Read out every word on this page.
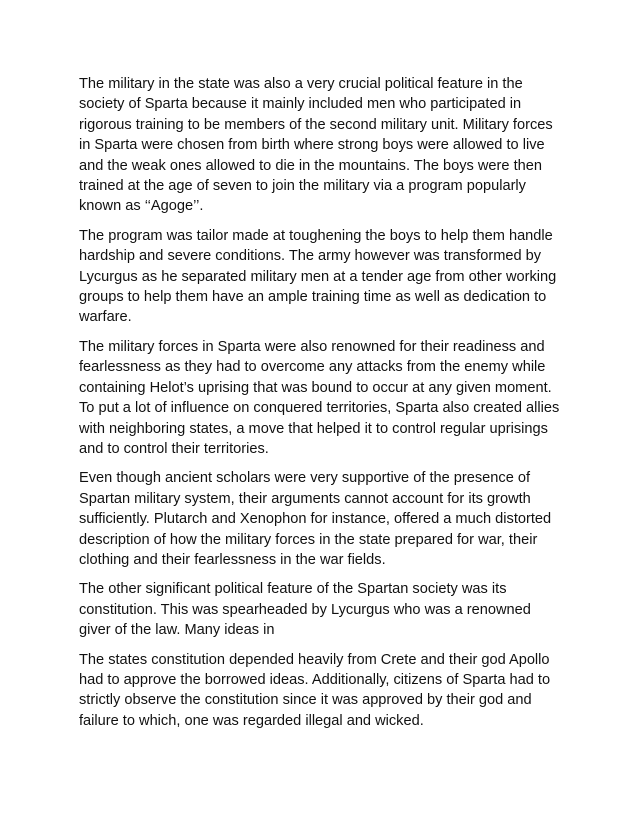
The military in the state was also a very crucial political feature in the society of Sparta because it mainly included men who participated in rigorous training to be members of the second military unit. Military forces in Sparta were chosen from birth where strong boys were allowed to live and the weak ones allowed to die in the mountains. The boys were then trained at the age of seven to join the military via a program popularly known as ‘‘Agoge’’.

The program was tailor made at toughening the boys to help them handle hardship and severe conditions. The army however was transformed by Lycurgus as he separated military men at a tender age from other working groups to help them have an ample training time as well as dedication to warfare.

The military forces in Sparta were also renowned for their readiness and fearlessness as they had to overcome any attacks from the enemy while containing Helot’s uprising that was bound to occur at any given moment. To put a lot of influence on conquered territories, Sparta also created allies with neighboring states, a move that helped it to control regular uprisings and to control their territories.

Even though ancient scholars were very supportive of the presence of Spartan military system, their arguments cannot account for its growth sufficiently. Plutarch and Xenophon for instance, offered a much distorted description of how the military forces in the state prepared for war, their clothing and their fearlessness in the war fields.

The other significant political feature of the Spartan society was its constitution. This was spearheaded by Lycurgus who was a renowned giver of the law. Many ideas in

The states constitution depended heavily from Crete and their god Apollo had to approve the borrowed ideas. Additionally, citizens of Sparta had to strictly observe the constitution since it was approved by their god and failure to which, one was regarded illegal and wicked.
